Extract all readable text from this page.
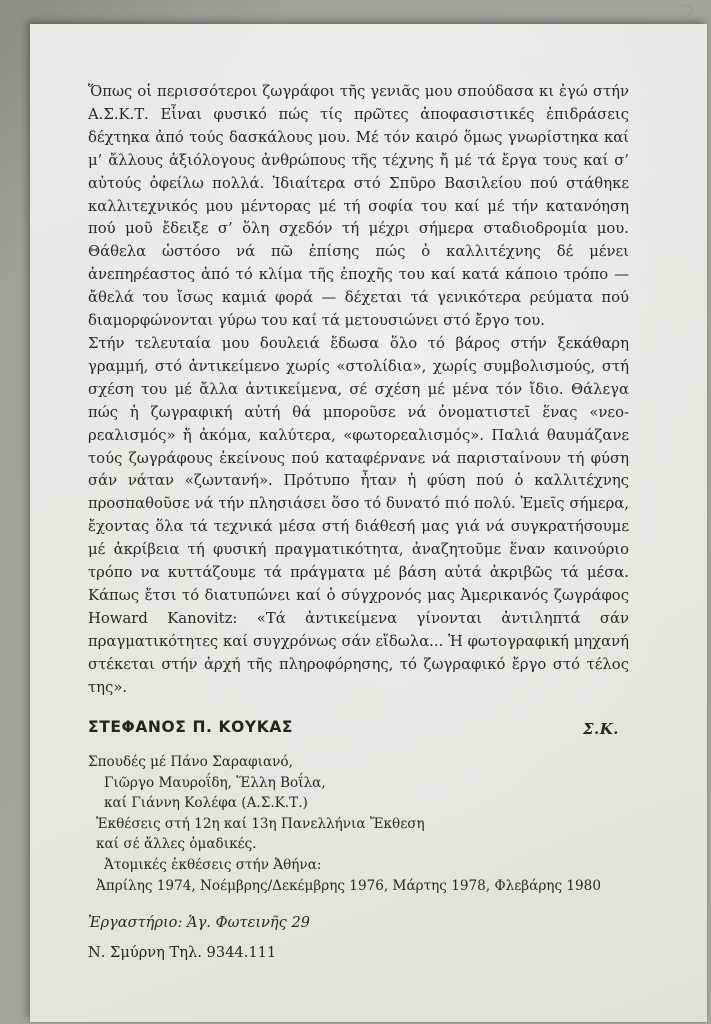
Ὅπως οἱ περισσότεροι ζωγράφοι τῆς γενιᾶς μου σπούδασα κι ἐγώ στήν Α.Σ.Κ.Τ. Εἶναι φυσικό πώς τίς πρῶτες ἀποφασιστικές ἐπιδράσεις δέχτηκα ἀπό τούς δασκάλους μου. Μέ τόν καιρό ὅμως γνωρίστηκα καί μ’ ἄλλους ἀξιόλογους ἀνθρώπους τῆς τέχνης ἤ μέ τά ἔργα τους καί σ’ αὐτούς ὀφείλω πολλά. Ἰδιαίτερα στό Σπῦρο Βασιλείου πού στάθηκε καλλιτεχνικός μου μέντορας μέ τή σοφία του καί μέ τήν κατανόηση πού μοῦ ἔδειξε σ’ ὅλη σχεδόν τή μέχρι σήμερα σταδιοδρομία μου. Θάθελα ὡστόσο νά πῶ ἐπίσης πώς ὁ καλλιτέχνης δέ μένει ἀνεπηρέαστος ἀπό τό κλίμα τῆς ἐποχῆς του καί κατά κάποιο τρόπο — ἄθελά του ἴσως καμιά φορά — δέχεται τά γενικότερα ρεύματα πού διαμορφώνονται γύρω του καί τά μετουσιώνει στό ἔργο του.

Στήν τελευταία μου δουλειά ἔδωσα ὅλο τό βάρος στήν ξεκάθαρη γραμμή, στό ἀντικείμενο χωρίς «στολίδια», χωρίς συμβολισμούς, στή σχέση του μέ ἄλλα ἀντικείμενα, σέ σχέση μέ μένα τόν ἴδιο. Θάλεγα πώς ἡ ζωγραφική αὐτή θά μποροῦσε νά ὀνοματιστεῖ ἕνας «νεο-ρεαλισμός» ἤ ἀκόμα, καλύτερα, «φωτορεαλισμός». Παλιά θαυμάζανε τούς ζωγράφους ἐκείνους πού καταφέρνανε νά παρισταίνουν τή φύση σάν νάταν «ζωντανή». Πρότυπο ἦταν ἡ φύση πού ὁ καλλιτέχνης προσπαθοῦσε νά τήν πλησιάσει ὅσο τό δυνατό πιό πολύ. Ἐμεῖς σήμερα, ἔχοντας ὅλα τά τεχνικά μέσα στή διάθεσή μας γιά νά συγκρατήσουμε μέ ἀκρίβεια τή φυσική πραγματικότητα, ἀναζητοῦμε ἕναν καινούριο τρόπο να κυττάζουμε τά πράγματα μέ βάση αὐτά ἀκριβῶς τά μέσα. Κάπως ἔτσι τό διατυπώνει καί ὁ σύγχρονός μας Ἀμερικανός ζωγράφος Howard Kanovitz: «Τά ἀντικείμενα γίνονται ἀντιληπτά σάν πραγματικότητες καί συγχρόνως σάν εἴδωλα... Ἡ φωτογραφική μηχανή στέκεται στήν ἀρχή τῆς πληροφόρησης, τό ζωγραφικό ἔργο στό τέλος της».

Σ.Κ.
ΣΤΕΦΑΝΟΣ Π. ΚΟΥΚΑΣ
Σπουδές μέ Πάνο Σαραφιανό,
Γιῶργο Μαυροΐδη, Ἕλλη Βοΐλα,
καί Γιάννη Κολέφα (Α.Σ.Κ.Τ.)
Ἐκθέσεις στή 12η καί 13η Πανελλήνια Ἔκθεση
καί σέ ἄλλες ὁμαδικές.
Ἀτομικές ἐκθέσεις στήν Ἀθήνα:
Ἀπρίλης 1974, Νοέμβρης/Δεκέμβρης 1976, Μάρτης 1978, Φλεβάρης 1980
Ἐργαστήριο: Ἁγ. Φωτεινῆς 29
Ν. Σμύρνη Τηλ. 9344.111
